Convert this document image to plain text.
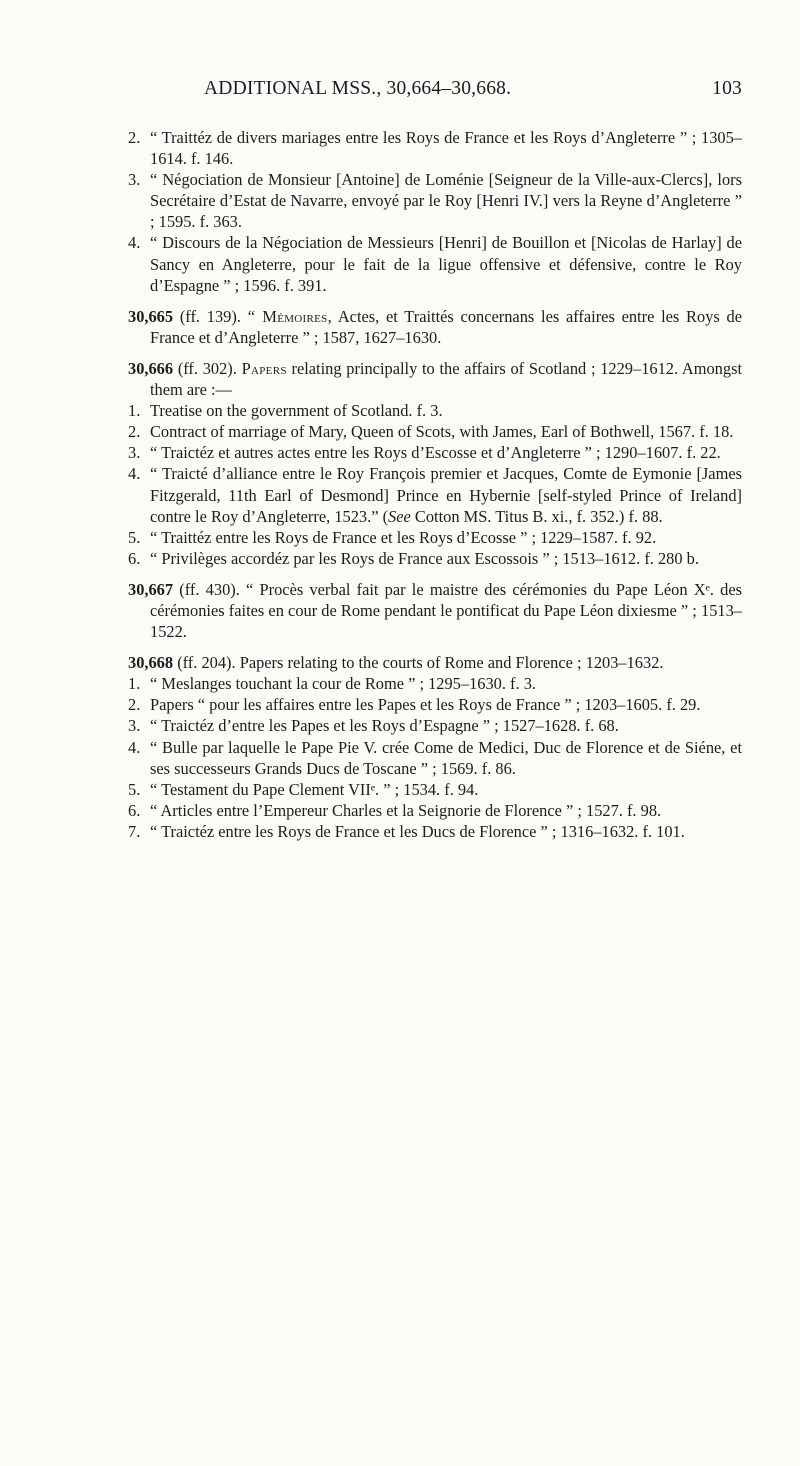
ADDITIONAL MSS., 30,664–30,668.	103

2. “ Traittéz de divers mariages entre les Roys de France et les Roys d’Angleterre ” ; 1305–1614. f. 146.

3. “ Négociation de Monsieur [Antoine] de Loménie [Seigneur de la Ville-aux-Clercs], lors Secrétaire d’Estat de Navarre, envoyé par le Roy [Henri IV.] vers la Reyne d’Angleterre ” ; 1595. f. 363.

4. “ Discours de la Négociation de Messieurs [Henri] de Bouillon et [Nicolas de Harlay] de Sancy en Angleterre, pour le fait de la ligue offensive et défensive, contre le Roy d’Espagne ” ; 1596. f. 391.

30,665 (ff. 139). “ Mémoires, Actes, et Traittés concernans les affaires entre les Roys de France et d’Angleterre ” ; 1587, 1627–1630.

30,666 (ff. 302). Papers relating principally to the affairs of Scotland ; 1229–1612. Amongst them are :—

1. Treatise on the government of Scotland. f. 3.

2. Contract of marriage of Mary, Queen of Scots, with James, Earl of Bothwell, 1567. f. 18.

3. “ Traictéz et autres actes entre les Roys d’Escosse et d’Angleterre ” ; 1290–1607. f. 22.

4. “ Traicté d’alliance entre le Roy François premier et Jacques, Comte de Eymonie [James Fitzgerald, 11th Earl of Desmond] Prince en Hybernie [self-styled Prince of Ireland] contre le Roy d’Angleterre, 1523.” (See Cotton MS. Titus B. xi., f. 352.) f. 88.

5. “ Traittéz entre les Roys de France et les Roys d’Ecosse ” ; 1229–1587. f. 92.

6. “ Privilèges accordéz par les Roys de France aux Escossois ” ; 1513–1612. f. 280 b.

30,667 (ff. 430). “ Procès verbal fait par le maistre des cérémonies du Pape Léon Xᵉ. des cérémonies faites en cour de Rome pendant le pontificat du Pape Léon dixiesme ” ; 1513–1522.

30,668 (ff. 204). Papers relating to the courts of Rome and Florence ; 1203–1632.

1. “ Meslanges touchant la cour de Rome ” ; 1295–1630. f. 3.

2. Papers “ pour les affaires entre les Papes et les Roys de France ” ; 1203–1605. f. 29.

3. “ Traictéz d’entre les Papes et les Roys d’Espagne ” ; 1527–1628. f. 68.

4. “ Bulle par laquelle le Pape Pie V. crée Come de Medici, Duc de Florence et de Siéne, et ses successeurs Grands Ducs de Toscane ” ; 1569. f. 86.

5. “ Testament du Pape Clement VIIᵉ. ” ; 1534. f. 94.

6. “ Articles entre l’Empereur Charles et la Seignorie de Florence ” ; 1527. f. 98.

7. “ Traictéz entre les Roys de France et les Ducs de Florence ” ; 1316–1632. f. 101.
